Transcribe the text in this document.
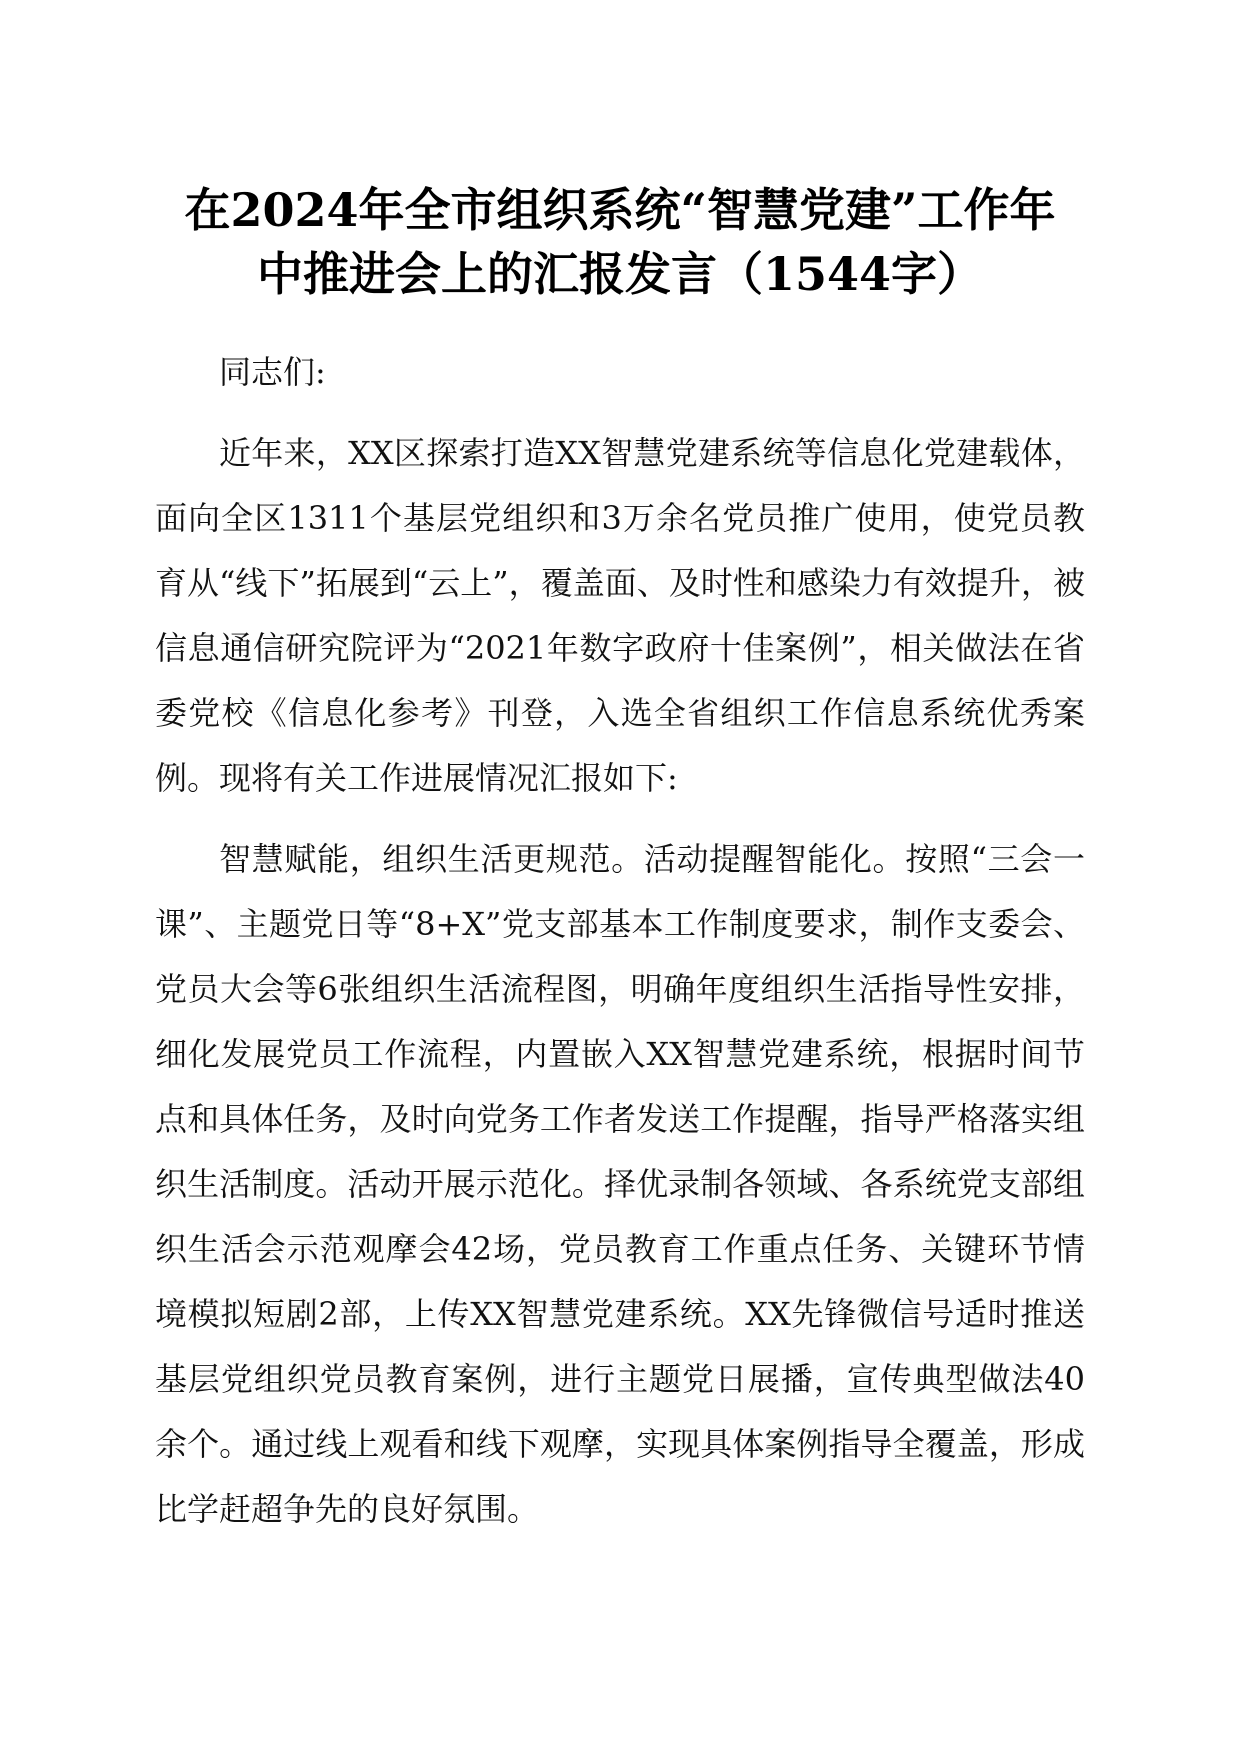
在2024年全市组织系统“智慧党建”工作年
中推进会上的汇报发言（1544字）

同志们:

近年来，XX区探索打造XX智慧党建系统等信息化党建载体，面向全区1311个基层党组织和3万余名党员推广使用，使党员教育从“线下”拓展到“云上”，覆盖面、及时性和感染力有效提升，被信息通信研究院评为“2021年数字政府十佳案例”，相关做法在省委党校《信息化参考》刊登，入选全省组织工作信息系统优秀案例。现将有关工作进展情况汇报如下:

智慧赋能，组织生活更规范。活动提醒智能化。按照“三会一课”、主题党日等“8+X”党支部基本工作制度要求，制作支委会、党员大会等6张组织生活流程图，明确年度组织生活指导性安排，细化发展党员工作流程，内置嵌入XX智慧党建系统，根据时间节点和具体任务，及时向党务工作者发送工作提醒，指导严格落实组织生活制度。活动开展示范化。择优录制各领域、各系统党支部组织生活会示范观摩会42场，党员教育工作重点任务、关键环节情境模拟短剧2部，上传XX智慧党建系统。XX先锋微信号适时推送基层党组织党员教育案例，进行主题党日展播，宣传典型做法40余个。通过线上观看和线下观摩，实现具体案例指导全覆盖，形成比学赶超争先的良好氛围。
